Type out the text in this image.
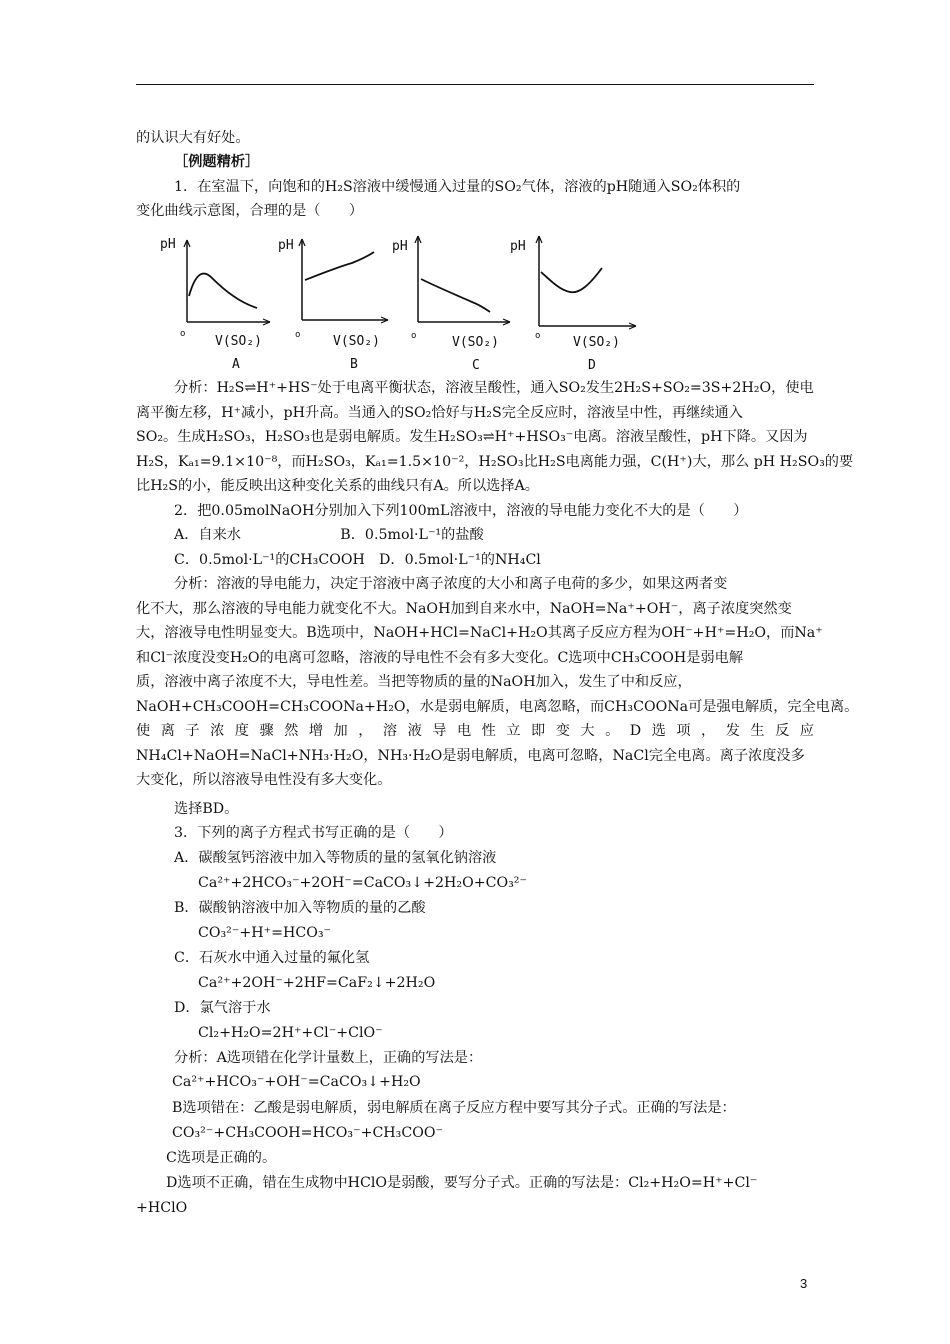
的认识大有好处。
［例题精析］
1．在室温下，向饱和的H₂S溶液中缓慢通入过量的SO₂气体，溶液的pH随通入SO₂体积的
变化曲线示意图，合理的是（　　）
pH
o V(SO₂)
A
pH
o	V(SO₂)
B
pH
o	V(SO₂)
C
pH
o	V(SO₂)
D
分析：H₂S⇌H⁺+HS⁻处于电离平衡状态，溶液呈酸性，通入SO₂发生2H₂S+SO₂=3S+2H₂O，使电
离平衡左移，H⁺减小，pH升高。当通入的SO₂恰好与H₂S完全反应时，溶液呈中性，再继续通入
SO₂。生成H₂SO₃，H₂SO₃也是弱电解质。发生H₂SO₃⇌H⁺+HSO₃⁻电离。溶液呈酸性，pH下降。又因为
H₂S，Kₐ₁=9.1×10⁻⁸，而H₂SO₃，Kₐ₁=1.5×10⁻²，H₂SO₃比H₂S电离能力强，C(H⁺)大，那么 pH H₂SO₃的要
比H₂S的小，能反映出这种变化关系的曲线只有A。所以选择A。
2．把0.05molNaOH分别加入下列100mL溶液中，溶液的导电能力变化不大的是（　　）
A．自来水　　　　　　　B．0.5mol·L⁻¹的盐酸
C．0.5mol·L⁻¹的CH₃COOH　D．0.5mol·L⁻¹的NH₄Cl
分析：溶液的导电能力，决定于溶液中离子浓度的大小和离子电荷的多少，如果这两者变
化不大，那么溶液的导电能力就变化不大。NaOH加到自来水中，NaOH=Na⁺+OH⁻，离子浓度突然变
大，溶液导电性明显变大。B选项中，NaOH+HCl=NaCl+H₂O其离子反应方程为OH⁻+H⁺=H₂O，而Na⁺
和Cl⁻浓度没变H₂O的电离可忽略，溶液的导电性不会有多大变化。C选项中CH₃COOH是弱电解
质，溶液中离子浓度不大，导电性差。当把等物质的量的NaOH加入，发生了中和反应，
NaOH+CH₃COOH=CH₃COONa+H₂O，水是弱电解质，电离忽略，而CH₃COONa可是强电解质，完全电离。
使离子浓度骤然增加，溶液导电性立即变大。D选项，发生反应
NH₄Cl+NaOH=NaCl+NH₃·H₂O，NH₃·H₂O是弱电解质，电离可忽略，NaCl完全电离。离子浓度没多
大变化，所以溶液导电性没有多大变化。
选择BD。
3．下列的离子方程式书写正确的是（　　）
A．碳酸氢钙溶液中加入等物质的量的氢氧化钠溶液
Ca²⁺+2HCO₃⁻+2OH⁻=CaCO₃↓+2H₂O+CO₃²⁻
B．碳酸钠溶液中加入等物质的量的乙酸
CO₃²⁻+H⁺=HCO₃⁻
C．石灰水中通入过量的氟化氢
Ca²⁺+2OH⁻+2HF=CaF₂↓+2H₂O
D．氯气溶于水
Cl₂+H₂O=2H⁺+Cl⁻+ClO⁻
分析：A选项错在化学计量数上，正确的写法是：
Ca²⁺+HCO₃⁻+OH⁻=CaCO₃↓+H₂O
B选项错在：乙酸是弱电解质，弱电解质在离子反应方程中要写其分子式。正确的写法是：
CO₃²⁻+CH₃COOH=HCO₃⁻+CH₃COO⁻
C选项是正确的。
D选项不正确，错在生成物中HClO是弱酸，要写分子式。正确的写法是：Cl₂+H₂O=H⁺+Cl⁻
+HClO
3
